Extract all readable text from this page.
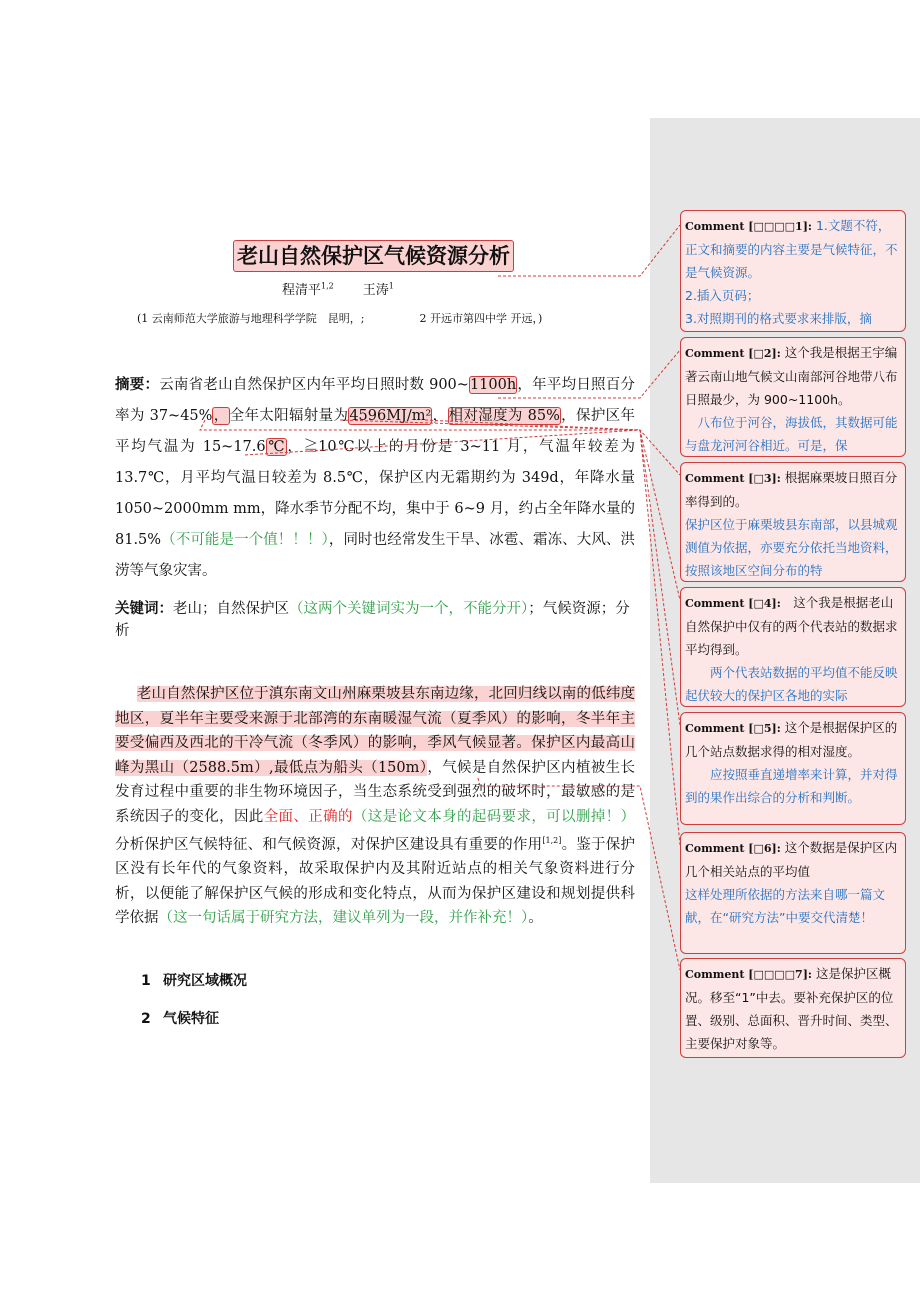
老山自然保护区气候资源分析
程清平$^{1,2}$ 王涛$^1$
(1 云南师范大学旅游与地理科学学院　昆明，;　　　　　2 开远市第四中学 开远，)
摘要：云南省老山自然保护区内年平均日照时数 900~1100h，年平均日照百分率为 37~45%，全年太阳辐射量为4596MJ/m²，相对湿度为 85%，保护区年平均气温为 15~17.6℃，≧10℃以上的月份是 3~11 月，气温年较差为 13.7℃，月平均气温日较差为 8.5℃，保护区内无霜期约为 349d，年降水量 1050~2000mm mm，降水季节分配不均，集中于 6~9 月，约占全年降水量的 81.5%（不可能是一个值！！！），同时也经常发生干旱、冰雹、霜冻、大风、洪涝等气象灾害。
关键词：老山；自然保护区（这两个关键词实为一个，不能分开）；气候资源；分析
  老山自然保护区位于滇东南文山州麻栗坡县东南边缘，北回归线以南的低纬度地区，夏半年主要受来源于北部湾的东南暖湿气流（夏季风）的影响，冬半年主要受偏西及西北的干冷气流（冬季风）的影响，季风气候显著。保护区内最高山峰为黑山（2588.5m）,最低点为船头（150m），气候是自然保护区内植被生长发育过程中重要的非生物环境因子，当生态系统受到强烈的破坏时，最敏感的是系统因子的变化，因此全面、正确的（这是论文本身的起码要求，可以删掉！）分析保护区气候特征、和气候资源，对保护区建设具有重要的作用[1,2]。鉴于保护区没有长年代的气象资料，故采取保护内及其附近站点的相关气象资料进行分析，以便能了解保护区气候的形成和变化特点，从而为保护区建设和规划提供科学依据（这一句话属于研究方法，建议单列为一段，并作补充！）。
1 研究区域概况
2 气候特征
Comment [□□□□1]: 1.文题不符，正文和摘要的内容主要是气候特征，不是气候资源。
2.插入页码；
3.对照期刊的格式要求来排版，摘
Comment [□2]: 这个我是根据王宇编著云南山地气候文山南部河谷地带八布日照最少，为 900~1100h。
　八布位于河谷，海拔低，其数据可能与盘龙河河谷相近。可是，保
Comment [□3]: 根据麻栗坡日照百分率得到的。
保护区位于麻栗坡县东南部，以县城观测值为依据，亦要充分依托当地资料，按照该地区空间分布的特
Comment [□4]:　这个我是根据老山自然保护中仅有的两个代表站的数据求平均得到。
　　两个代表站数据的平均值不能反映起伏较大的保护区各地的实际
Comment [□5]: 这个是根据保护区的几个站点数据求得的相对湿度。
　　应按照垂直递增率来计算，并对得到的果作出综合的分析和判断。
Comment [□6]: 这个数据是保护区内几个相关站点的平均值
这样处理所依据的方法来自哪一篇文献，在“研究方法”中要交代清楚！
Comment [□□□□7]: 这是保护区概况。移至“1”中去。要补充保护区的位置、级别、总面积、晋升时间、类型、主要保护对象等。
